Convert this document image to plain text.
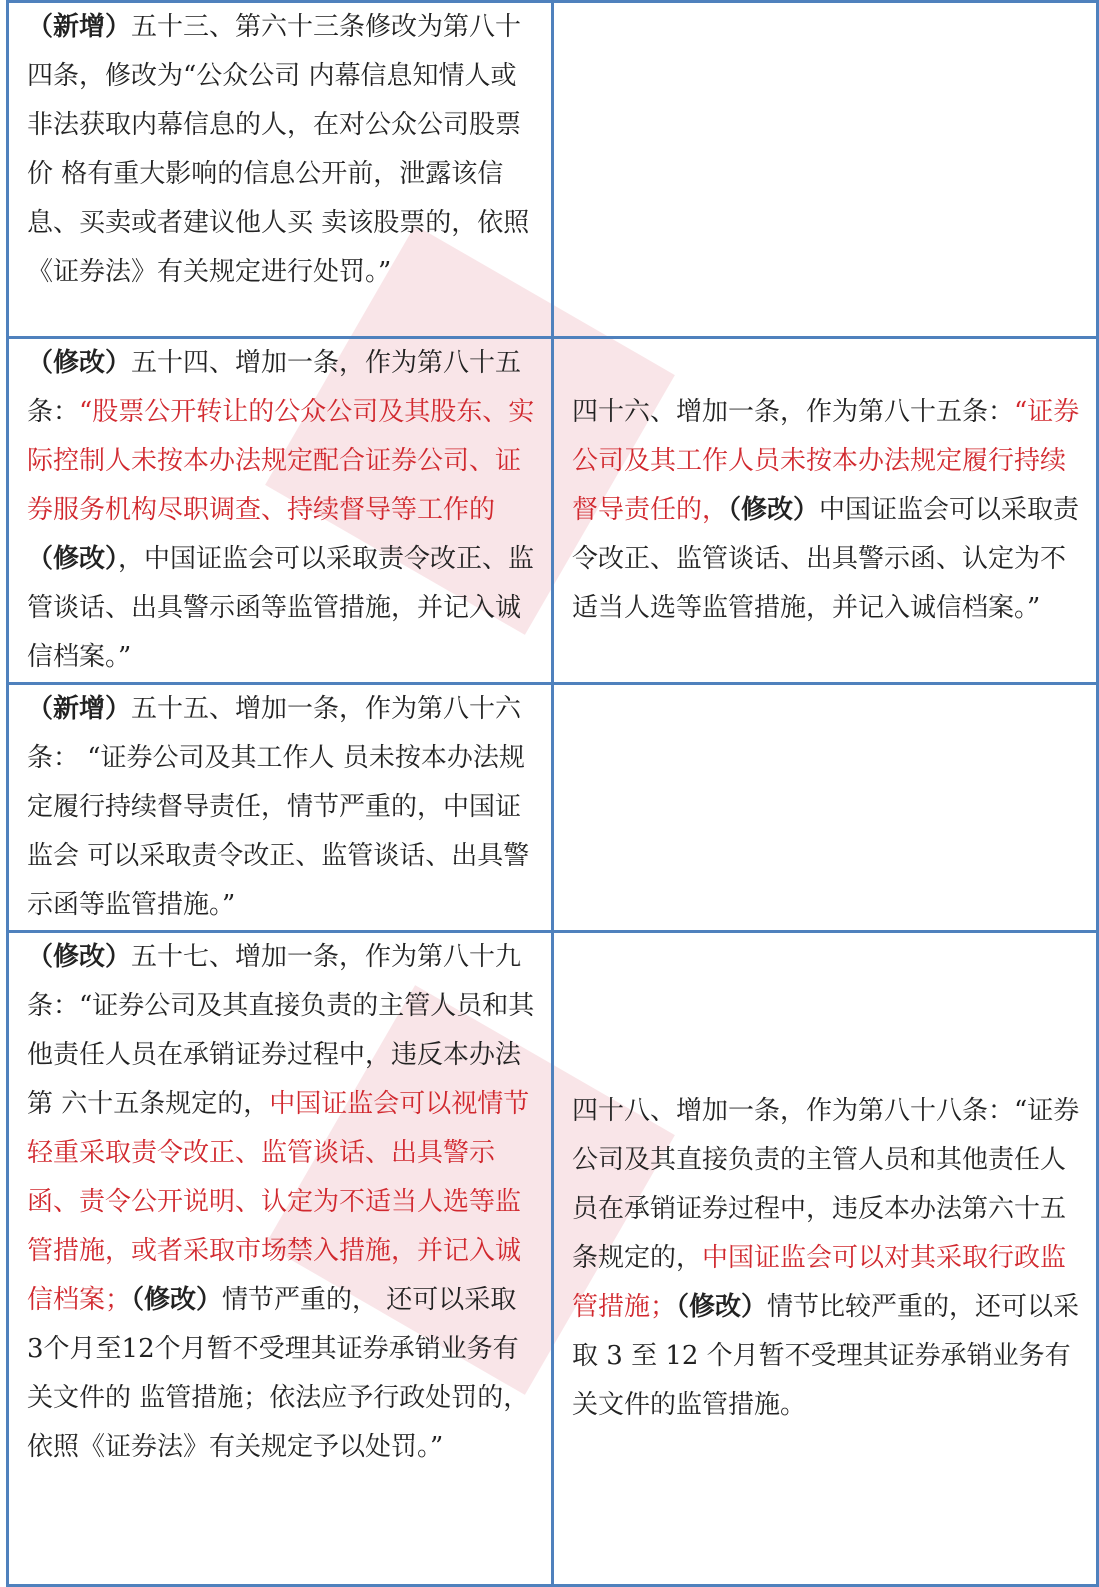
（新增）五十三、第六十三条修改为第八十四条，修改为“公众公司 内幕信息知情人或非法获取内幕信息的人，在对公众公司股票价 格有重大影响的信息公开前，泄露该信息、买卖或者建议他人买 卖该股票的，依照《证券法》有关规定进行处罚。”	
（修改）五十四、增加一条，作为第八十五条：“股票公开转让的公众公司及其股东、实际控制人未按本办法规定配合证券公司、证券服务机构尽职调查、持续督导等工作的（修改），中国证监会可以采取责令改正、监管谈话、出具警示函等监管措施，并记入诚信档案。”	四十六、增加一条，作为第八十五条：“证券公司及其工作人员未按本办法规定履行持续督导责任的，（修改）中国证监会可以采取责令改正、监管谈话、出具警示函、认定为不适当人选等监管措施，并记入诚信档案。”
（新增）五十五、增加一条，作为第八十六条： “证券公司及其工作人 员未按本办法规定履行持续督导责任，情节严重的，中国证监会 可以采取责令改正、监管谈话、出具警示函等监管措施。”	
（修改）五十七、增加一条，作为第八十九条：“证券公司及其直接负责的主管人员和其他责任人员在承销证券过程中，违反本办法第 六十五条规定的，中国证监会可以视情节轻重采取责令改正、监管谈话、出具警示函、责令公开说明、认定为不适当人选等监管措施，或者采取市场禁入措施，并记入诚信档案；（修改）情节严重的， 还可以采取 3个月至12个月暂不受理其证券承销业务有关文件的 监管措施；依法应予行政处罚的，依照《证券法》有关规定予以处罚。”	四十八、增加一条，作为第八十八条：“证券公司及其直接负责的主管人员和其他责任人员在承销证券过程中，违反本办法第六十五条规定的，中国证监会可以对其采取行政监管措施；（修改）情节比较严重的，还可以采取 3 至 12 个月暂不受理其证券承销业务有关文件的监管措施。
